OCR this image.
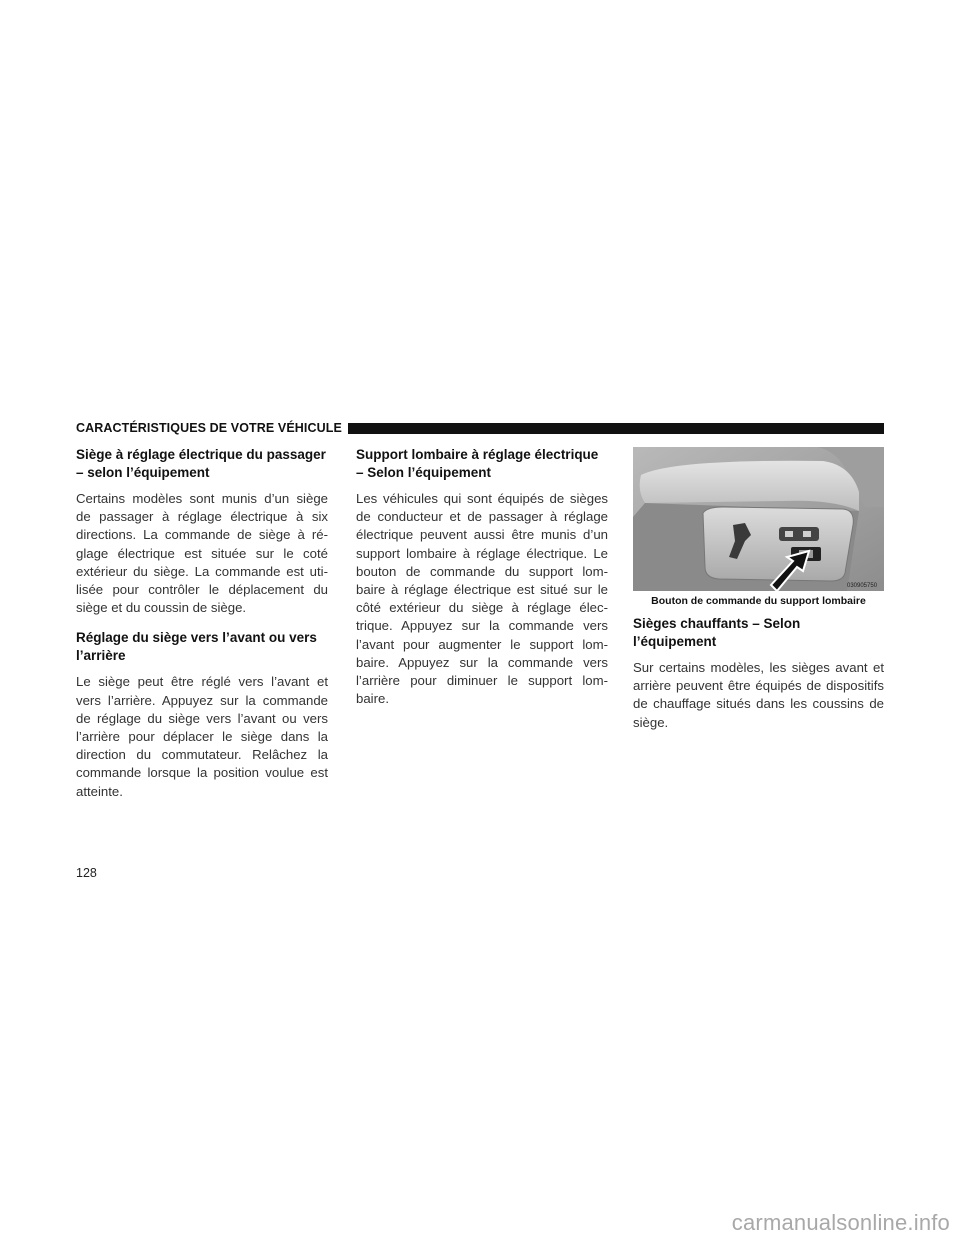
CARACTÉRISTIQUES DE VOTRE VÉHICULE
Siège à réglage électrique du passager – selon l’équipement

Certains modèles sont munis d’un siège de passager à réglage électrique à six directions. La commande de siège à ré-glage électrique est située sur le coté extérieur du siège. La commande est uti-lisée pour contrôler le déplacement du siège et du coussin de siège.

Réglage du siège vers l’avant ou vers l’arrière

Le siège peut être réglé vers l’avant et vers l’arrière. Appuyez sur la commande de réglage du siège vers l’avant ou vers l’arrière pour déplacer le siège dans la direction du commutateur. Relâchez la commande lorsque la position voulue est atteinte.

Support lombaire à réglage électrique – Selon l’équipement

Les véhicules qui sont équipés de sièges de conducteur et de passager à réglage électrique peuvent aussi être munis d’un support lombaire à réglage électrique. Le bouton de commande du support lom-baire à réglage électrique est situé sur le côté extérieur du siège à réglage élec-trique. Appuyez sur la commande vers l’avant pour augmenter le support lom-baire. Appuyez sur la commande vers l’arrière pour diminuer le support lom-baire.

030905750
Bouton de commande du support lombaire
Sièges chauffants – Selon l’équipement

Sur certains modèles, les sièges avant et arrière peuvent être équipés de dispositifs de chauffage situés dans les coussins de siège.

128
carmanualsonline.info
